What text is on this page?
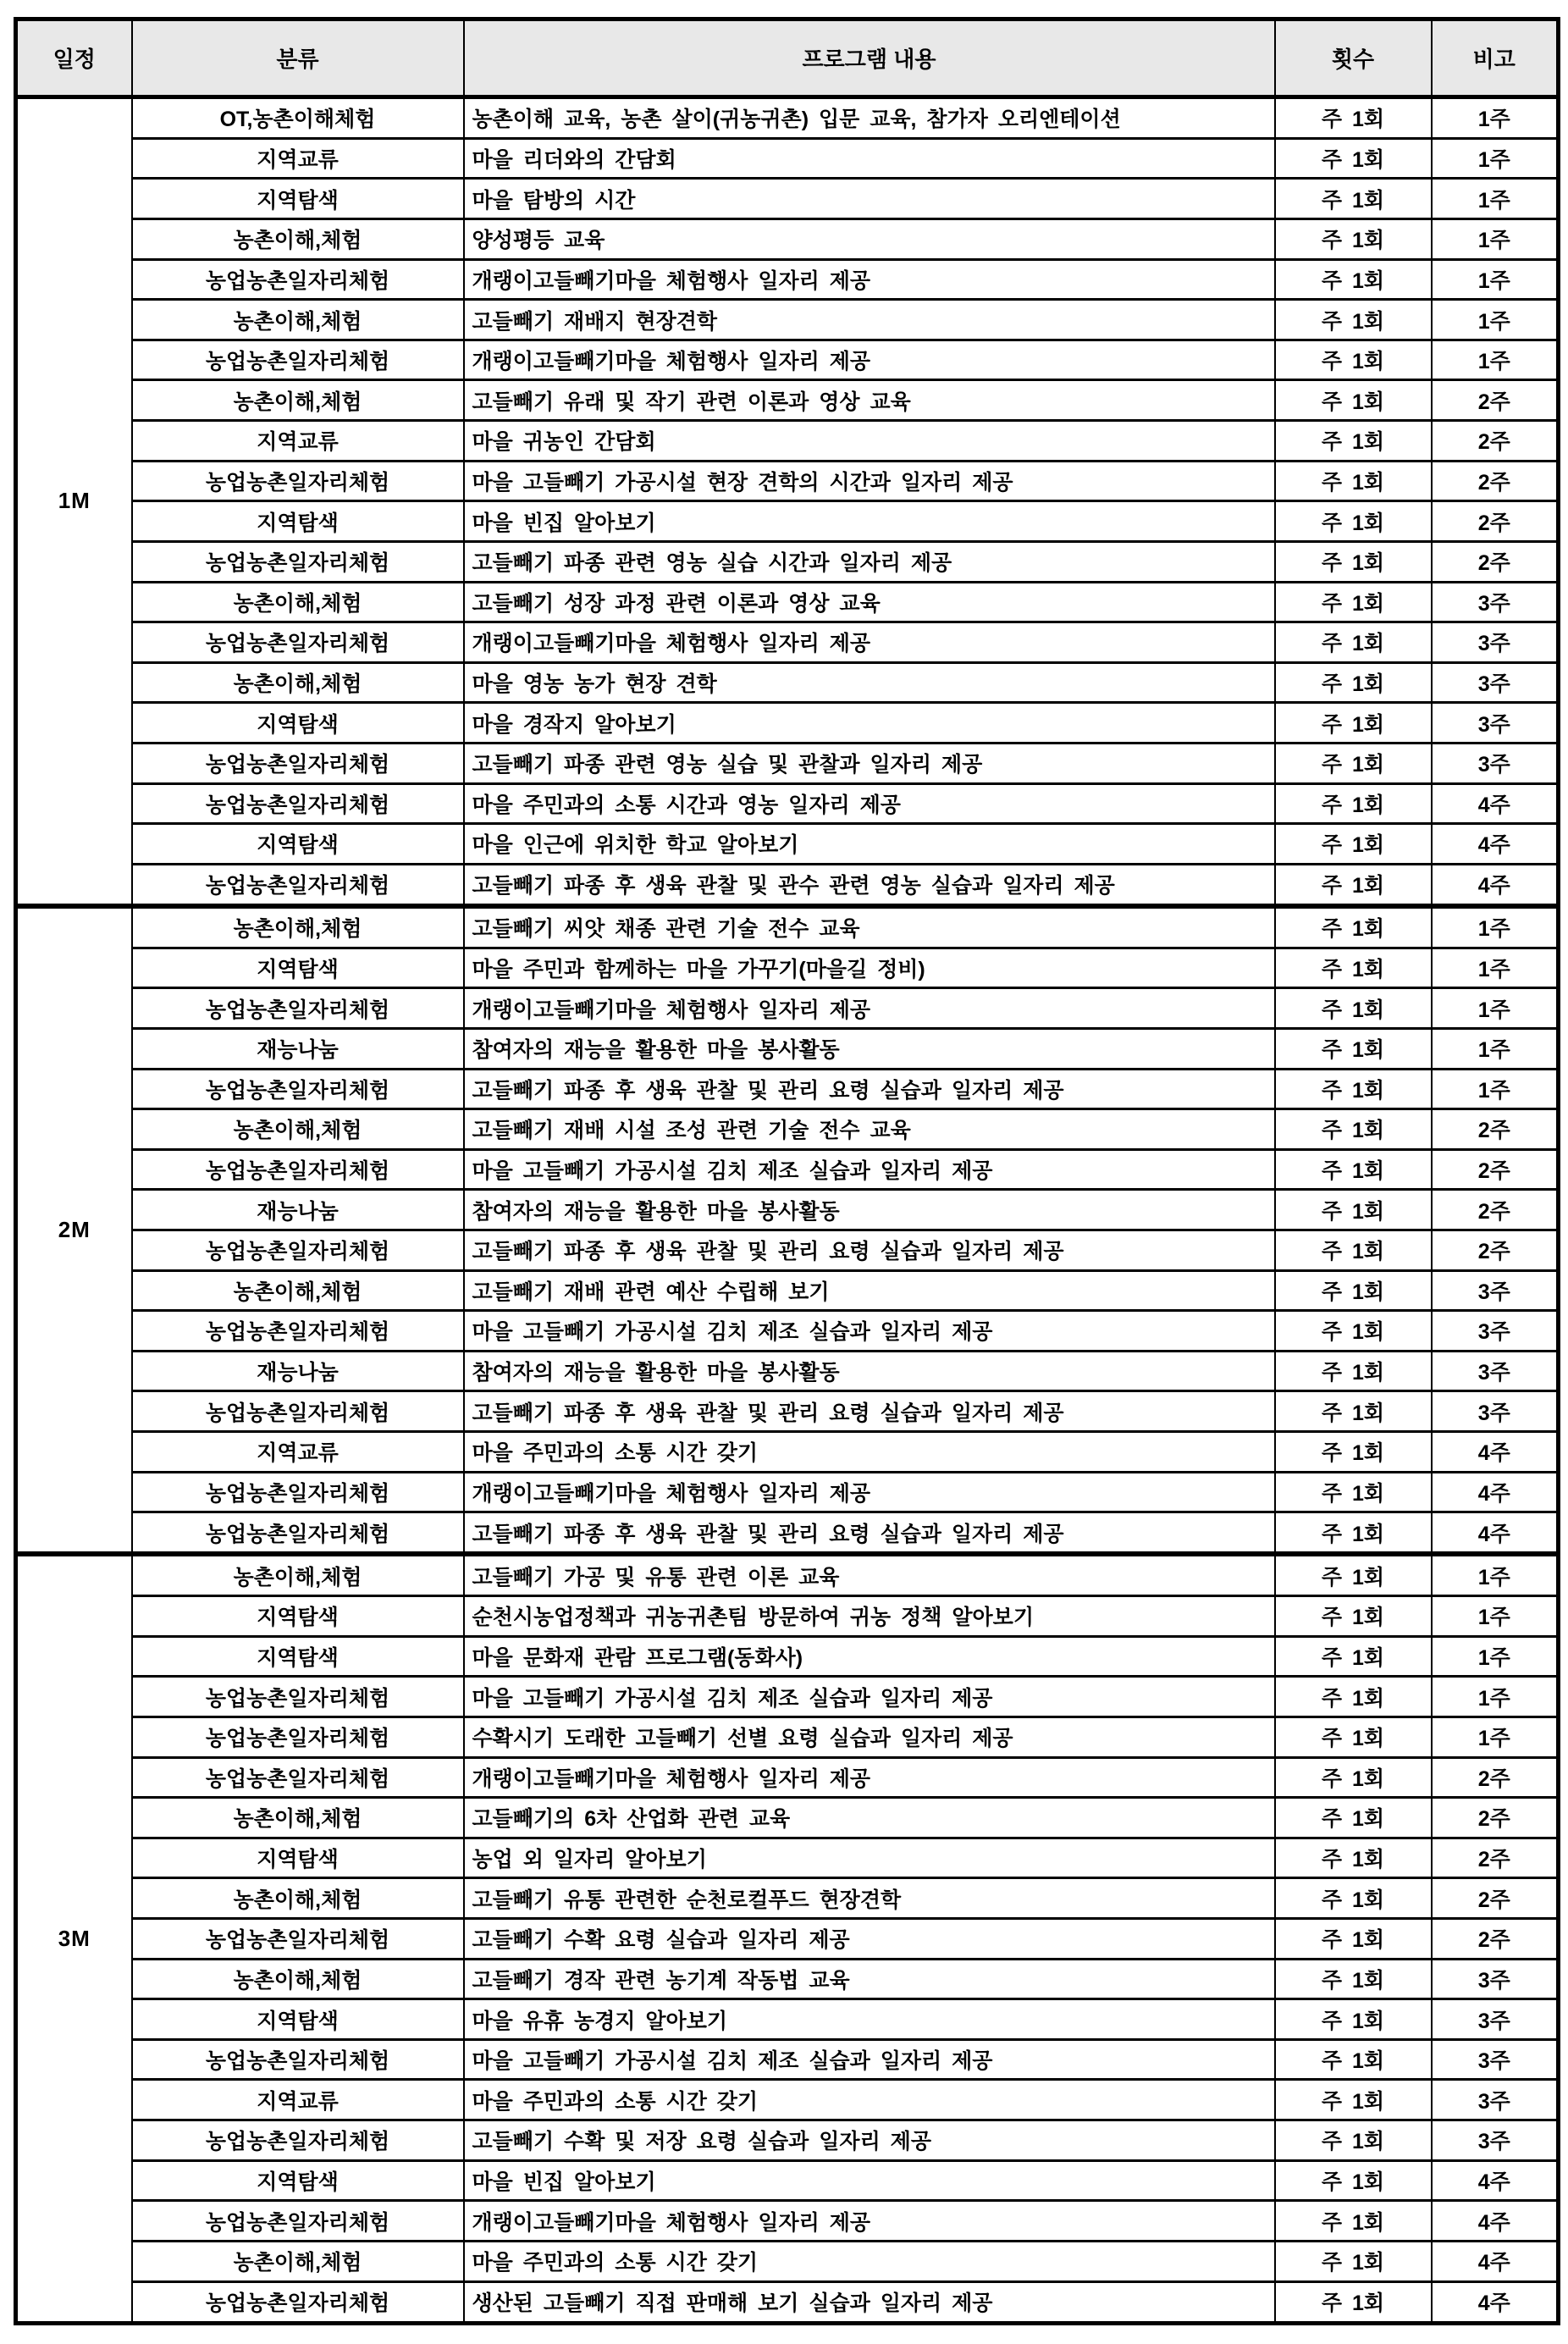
일정	분류	프로그램 내용	횟수	비고
1M	OT,농촌이해체험	농촌이해 교육, 농촌 살이(귀농귀촌) 입문 교육, 참가자 오리엔테이션	주 1회	1주
	지역교류	마을 리더와의 간담회	주 1회	1주
	지역탐색	마을 탐방의 시간	주 1회	1주
	농촌이해,체험	양성평등 교육	주 1회	1주
	농업농촌일자리체험	개랭이고들빼기마을 체험행사 일자리 제공	주 1회	1주
	농촌이해,체험	고들빼기 재배지 현장견학	주 1회	1주
	농업농촌일자리체험	개랭이고들빼기마을 체험행사 일자리 제공	주 1회	1주
	농촌이해,체험	고들빼기 유래 및 작기 관련 이론과 영상 교육	주 1회	2주
	지역교류	마을 귀농인 간담회	주 1회	2주
	농업농촌일자리체험	마을 고들빼기 가공시설 현장 견학의 시간과 일자리 제공	주 1회	2주
	지역탐색	마을 빈집 알아보기	주 1회	2주
	농업농촌일자리체험	고들빼기 파종 관련 영농 실습 시간과 일자리 제공	주 1회	2주
	농촌이해,체험	고들빼기 성장 과정 관련 이론과 영상 교육	주 1회	3주
	농업농촌일자리체험	개랭이고들빼기마을 체험행사 일자리 제공	주 1회	3주
	농촌이해,체험	마을 영농 농가 현장 견학	주 1회	3주
	지역탐색	마을 경작지 알아보기	주 1회	3주
	농업농촌일자리체험	고들빼기 파종 관련 영농 실습 및 관찰과 일자리 제공	주 1회	3주
	농업농촌일자리체험	마을 주민과의 소통 시간과 영농 일자리 제공	주 1회	4주
	지역탐색	마을 인근에 위치한 학교 알아보기	주 1회	4주
	농업농촌일자리체험	고들빼기 파종 후 생육 관찰 및 관수 관련 영농 실습과 일자리 제공	주 1회	4주
2M	농촌이해,체험	고들빼기 씨앗 채종 관련 기술 전수 교육	주 1회	1주
	지역탐색	마을 주민과 함께하는 마을 가꾸기(마을길 정비)	주 1회	1주
	농업농촌일자리체험	개랭이고들빼기마을 체험행사 일자리 제공	주 1회	1주
	재능나눔	참여자의 재능을 활용한 마을 봉사활동	주 1회	1주
	농업농촌일자리체험	고들빼기 파종 후 생육 관찰 및 관리 요령 실습과 일자리 제공	주 1회	1주
	농촌이해,체험	고들빼기 재배 시설 조성 관련 기술 전수 교육	주 1회	2주
	농업농촌일자리체험	마을 고들빼기 가공시설 김치 제조 실습과 일자리 제공	주 1회	2주
	재능나눔	참여자의 재능을 활용한 마을 봉사활동	주 1회	2주
	농업농촌일자리체험	고들빼기 파종 후 생육 관찰 및 관리 요령 실습과 일자리 제공	주 1회	2주
	농촌이해,체험	고들빼기 재배 관련 예산 수립해 보기	주 1회	3주
	농업농촌일자리체험	마을 고들빼기 가공시설 김치 제조 실습과 일자리 제공	주 1회	3주
	재능나눔	참여자의 재능을 활용한 마을 봉사활동	주 1회	3주
	농업농촌일자리체험	고들빼기 파종 후 생육 관찰 및 관리 요령 실습과 일자리 제공	주 1회	3주
	지역교류	마을 주민과의 소통 시간 갖기	주 1회	4주
	농업농촌일자리체험	개랭이고들빼기마을 체험행사 일자리 제공	주 1회	4주
	농업농촌일자리체험	고들빼기 파종 후 생육 관찰 및 관리 요령 실습과 일자리 제공	주 1회	4주
3M	농촌이해,체험	고들빼기 가공 및 유통 관련 이론 교육	주 1회	1주
	지역탐색	순천시농업정책과 귀농귀촌팀 방문하여 귀농 정책 알아보기	주 1회	1주
	지역탐색	마을 문화재 관람 프로그램(동화사)	주 1회	1주
	농업농촌일자리체험	마을 고들빼기 가공시설 김치 제조 실습과 일자리 제공	주 1회	1주
	농업농촌일자리체험	수확시기 도래한 고들빼기 선별 요령 실습과 일자리 제공	주 1회	1주
	농업농촌일자리체험	개랭이고들빼기마을 체험행사 일자리 제공	주 1회	2주
	농촌이해,체험	고들빼기의 6차 산업화 관련 교육	주 1회	2주
	지역탐색	농업 외 일자리 알아보기	주 1회	2주
	농촌이해,체험	고들빼기 유통 관련한 순천로컬푸드 현장견학	주 1회	2주
	농업농촌일자리체험	고들빼기 수확 요령 실습과 일자리 제공	주 1회	2주
	농촌이해,체험	고들빼기 경작 관련 농기계 작동법 교육	주 1회	3주
	지역탐색	마을 유휴 농경지 알아보기	주 1회	3주
	농업농촌일자리체험	마을 고들빼기 가공시설 김치 제조 실습과 일자리 제공	주 1회	3주
	지역교류	마을 주민과의 소통 시간 갖기	주 1회	3주
	농업농촌일자리체험	고들빼기 수확 및 저장 요령 실습과 일자리 제공	주 1회	3주
	지역탐색	마을 빈집 알아보기	주 1회	4주
	농업농촌일자리체험	개랭이고들빼기마을 체험행사 일자리 제공	주 1회	4주
	농촌이해,체험	마을 주민과의 소통 시간 갖기	주 1회	4주
	농업농촌일자리체험	생산된 고들빼기 직접 판매해 보기 실습과 일자리 제공	주 1회	4주
